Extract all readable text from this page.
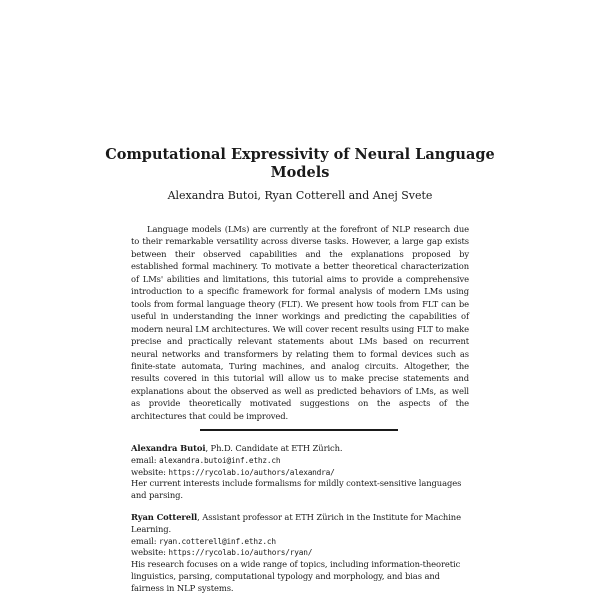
Computational Expressivity of Neural Language Models

Alexandra Butoi, Ryan Cotterell and Anej Svete

Language models (LMs) are currently at the forefront of NLP research due to their remarkable versatility across diverse tasks. However, a large gap exists between their observed capabilities and the explanations proposed by established formal machinery. To motivate a better theoretical characterization of LMs' abilities and limitations, this tutorial aims to provide a comprehensive introduction to a specific framework for formal analysis of modern LMs using tools from formal language theory (FLT). We present how tools from FLT can be useful in understanding the inner workings and predicting the capabilities of modern neural LM architectures. We will cover recent results using FLT to make precise and practically relevant statements about LMs based on recurrent neural networks and transformers by relating them to formal devices such as finite-state automata, Turing machines, and analog circuits. Altogether, the results covered in this tutorial will allow us to make precise statements and explanations about the observed as well as predicted behaviors of LMs, as well as provide theoretically motivated suggestions on the aspects of the architectures that could be improved.

Alexandra Butoi, Ph.D. Candidate at ETH Zürich.
email: alexandra.butoi@inf.ethz.ch
website: https://rycolab.io/authors/alexandra/
Her current interests include formalisms for mildly context-sensitive languages and parsing.
Ryan Cotterell, Assistant professor at ETH Zürich in the Institute for Machine Learning.
email: ryan.cotterell@inf.ethz.ch
website: https://rycolab.io/authors/ryan/
His research focuses on a wide range of topics, including information-theoretic linguistics, parsing, computational typology and morphology, and bias and fairness in NLP systems.
